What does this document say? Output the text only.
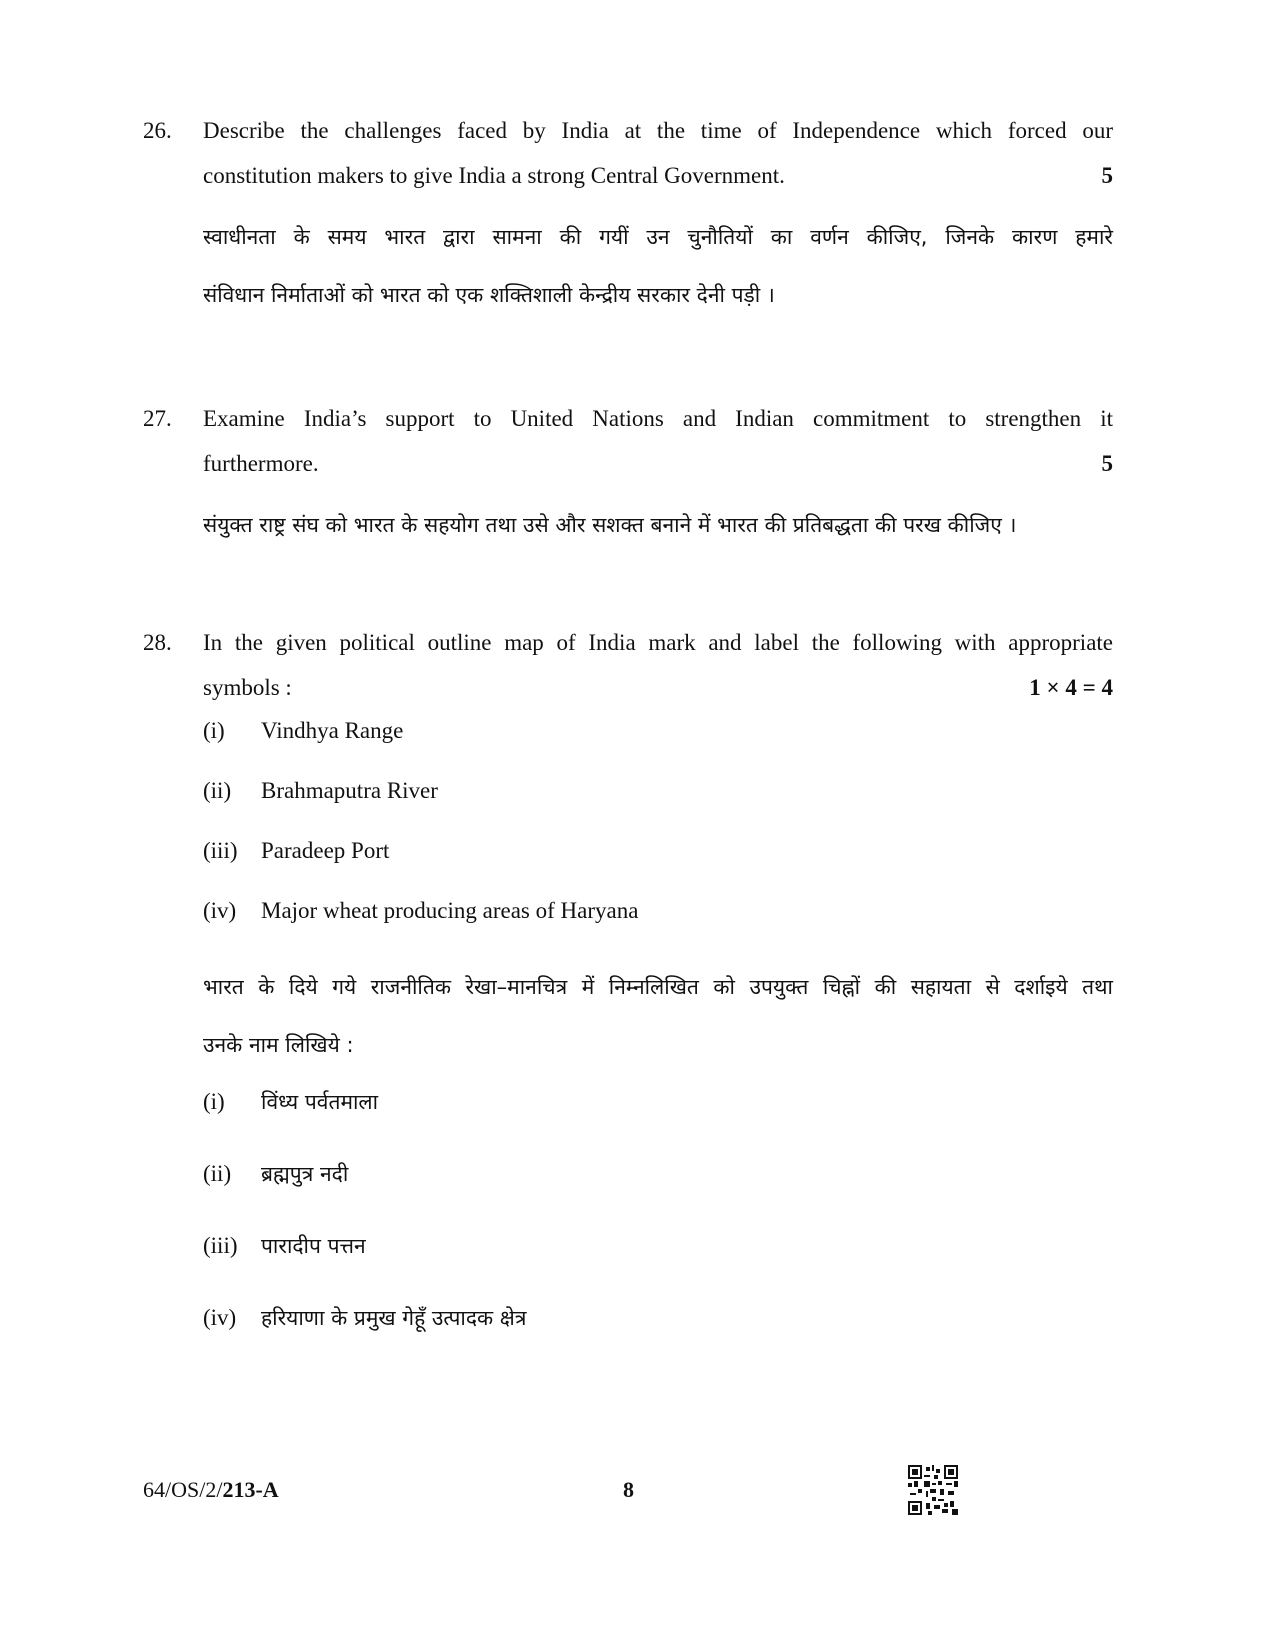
26. Describe the challenges faced by India at the time of Independence which forced our
constitution makers to give India a strong Central Government.	5
स्वाधीनता के समय भारत द्वारा सामना की गयीं उन चुनौतियों का वर्णन कीजिए, जिनके कारण हमारे
संविधान निर्माताओं को भारत को एक शक्तिशाली केन्द्रीय सरकार देनी पड़ी ।
27. Examine India’s support to United Nations and Indian commitment to strengthen it
furthermore.	5
संयुक्त राष्ट्र संघ को भारत के सहयोग तथा उसे और सशक्त बनाने में भारत की प्रतिबद्धता की परख कीजिए ।
28. In the given political outline map of India mark and label the following with appropriate
symbols :	1 × 4 = 4
(i)	Vindhya Range
(ii)	Brahmaputra River
(iii)	Paradeep Port
(iv)	Major wheat producing areas of Haryana
भारत के दिये गये राजनीतिक रेखा–मानचित्र में निम्नलिखित को उपयुक्त चिह्नों की सहायता से दर्शाइये तथा
उनके नाम लिखिये :
(i)	विंध्य पर्वतमाला
(ii)	ब्रह्मपुत्र नदी
(iii)	पारादीप पत्तन
(iv)	हरियाणा के प्रमुख गेहूँ उत्पादक क्षेत्र
64/OS/2/213-A	8
